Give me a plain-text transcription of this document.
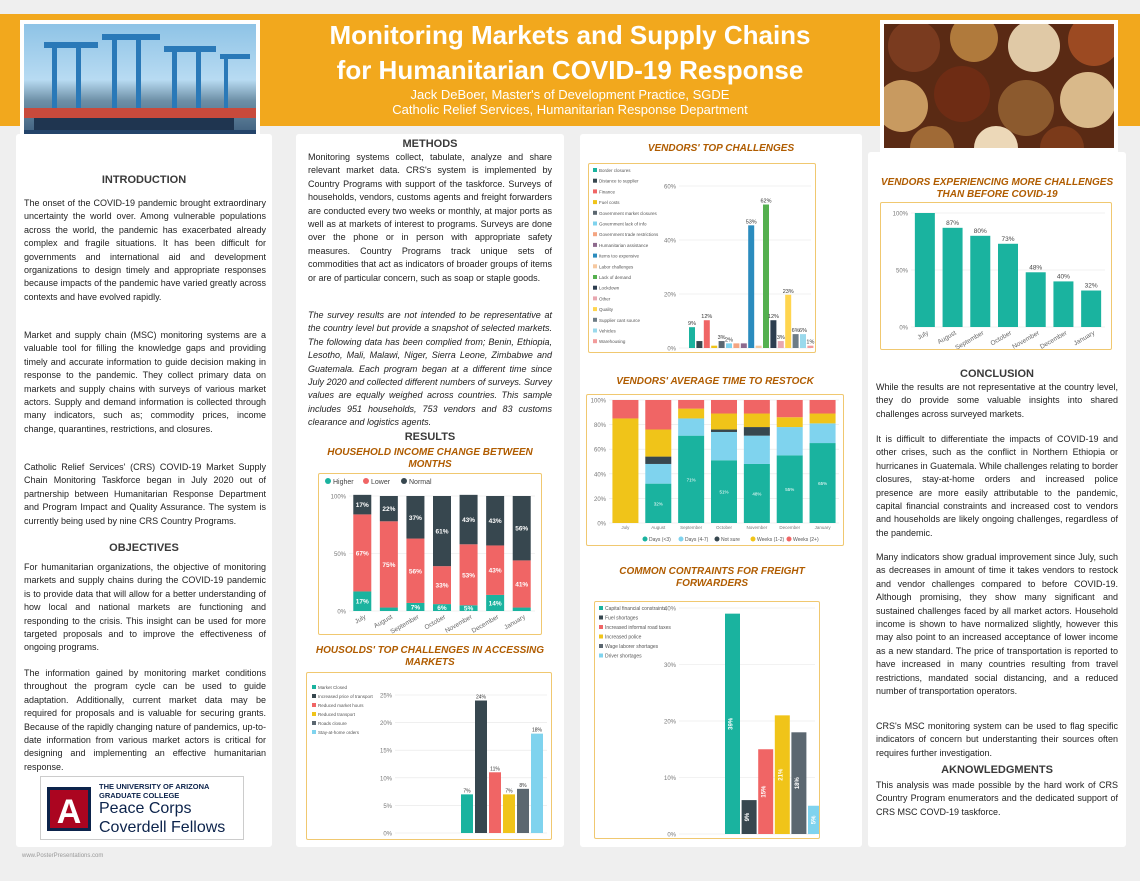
Monitoring Markets and Supply Chains
for Humanitarian COVID-19 Response
Jack DeBoer, Master's of Development Practice, SGDE
Catholic Relief Services, Humanitarian Response Department
INTRODUCTION
The onset of the COVID-19 pandemic brought extraordinary uncertainty the world over. Among vulnerable populations across the world, the pandemic has exacerbated already complex and fragile situations. It has been difficult for governments and international aid and development organizations to design timely and appropriate responses because impacts of the pandemic have varied greatly across contexts and have evolved rapidly.
Market and supply chain (MSC) monitoring systems are a valuable tool for filling the knowledge gaps and providing timely and accurate information to guide decision making in response to the pandemic. They collect primary data on markets and supply chains with surveys of various market actors. Supply and demand information is collected through many indicators, such as; commodity prices, income change, quarantines, restrictions, and closures.
Catholic Relief Services' (CRS) COVID-19 Market Supply Chain Monitoring Taskforce began in July 2020 out of partnership between Humanitarian Response Department and Program Impact and Quality Assurance. The system is currently being used by nine CRS Country Programs.
OBJECTIVES
For humanitarian organizations, the objective of monitoring markets and supply chains during the COVID-19 pandemic is to provide data that will allow for a better understanding of how local and national markets are functioning and responding to the crisis. This insight can be used for more targeted proposals and to improve the effectiveness of ongoing programs.
The information gained by monitoring market conditions throughout the program cycle can be used to guide adaptation. Additionally, current market data may be required for proposals and is valuable for securing grants. Because of the rapidly changing nature of pandemics, up-to-date information from various market actors is critical for designing and implementing an effective humanitarian response.
A
THE UNIVERSITY OF ARIZONA
GRADUATE COLLEGE
Peace Corps
Coverdell Fellows
www.PosterPresentations.com
METHODS
Monitoring systems collect, tabulate, analyze and share relevant market data. CRS's system is implemented by Country Programs with support of the taskforce. Surveys of households, vendors, customs agents and freight forwarders are conducted every two weeks or monthly, at major ports as well as at markets of interest to programs. Surveys are done over the phone or in person with appropriate safety measures. Country Programs track unique sets of commodities that act as indicators of broader groups of items or are of particular concern, such as soap or staple goods.
The survey results are not intended to be representative at the country level but provide a snapshot of selected markets. The following data has been complied from; Benin, Ethiopia, Lesotho, Mali, Malawi, Niger, Sierra Leone, Zimbabwe and Guatemala. Each program began at a different time since July 2020 and collected different numbers of surveys. Survey values are equally weighed across countries. This sample includes 951 households, 753 vendors and 83 customs clearance and logistics agents.
RESULTS
HOUSEHOLD INCOME CHANGE BETWEEN MONTHS
Higher Lower	Normal
0%
50%
100%
17%
67%
17%
July
75%
22%
August
7%
56%
37%
September
6%
33%
61%
October
5%
53%
43%
November
14%
43%
43%
December
41%
56%
January
HOUSOLDS' TOP CHALLENGES IN ACCESSING MARKETS
Market Closed
Increased price of transport
Reduced market hours
Reduced transport
Roads closure
Stay-at-home orders
0%
5%
10%
15%
20%
25%
7%
24%
11%
7%
8%
18%
VENDORS' TOP CHALLENGES
Border closures
Distance to supplier
Finance
Fuel costs
Government market closures
Government lack of info
Government trade restrictions
Humanitarian assistance
Items too expensive
Labor challenges
Lack of demand
Lockdown
Other
Quality
Supplier cant source
Vehicles
Warehousing
0%
20%
40%
60%
9%
12%
3% 2%
53%
62%
12%
3%
23%
6% 6%
1%
VENDORS' AVERAGE TIME TO RESTOCK
0%
20%
40%
60%
80%
100%
July
32%
August
71%
September
51%
October
48%
November
55%
December
65%
January
Days (<3)	Days (4-7)	Not sure	Weeks (1-2) Weeks (2+)
COMMON CONTRAINTS FOR FREIGHT FORWARDERS
Capital financial constraints
Fuel shortages
Increased informal road taxes
Increased police
Wage laborer shortages
Driver shortages
0%
10%
20%
30%
40%
39%
9%
15%
21%
18%
5%
VENDORS EXPERIENCING MORE CHALLENGES THAN BEFORE COVID-19
0%
50%
100%
July
87%
August
80%
September
73%
October
48%
November
40%
December
32%
January
CONCLUSION
While the results are not representative at the country level, they do provide some valuable insights into shared challenges across surveyed markets.
It is difficult to differentiate the impacts of COVID-19 and other crises, such as the conflict in Northern Ethiopia or hurricanes in Guatemala. While challenges relating to border closures, stay-at-home orders and increased police presence are more easily attributable to the pandemic, capital financial constraints and increased cost to vendors and households are likely ongoing challenges, regardless of the pandemic.
Many indicators show gradual improvement since July, such as decreases in amount of time it takes vendors to restock and vendor challenges compared to before COVID-19. Although promising, they show many significant and sustained challenges faced by all market actors. Household income is shown to have normalized slightly, however this may also point to an increased acceptance of lower income as a new standard. The price of transportation is reported to have increased in many countries resulting from travel restrictions, mandated social distancing, and a reduced number of transportation operators.
CRS's MSC monitoring system can be used to flag specific indicators of concern but understanting their sources often requires further investigation.
AKNOWLEDGMENTS
This analysis was made possible by the hard work of CRS Country Program enumerators and the dedicated support of CRS MSC COVD-19 taskforce.
